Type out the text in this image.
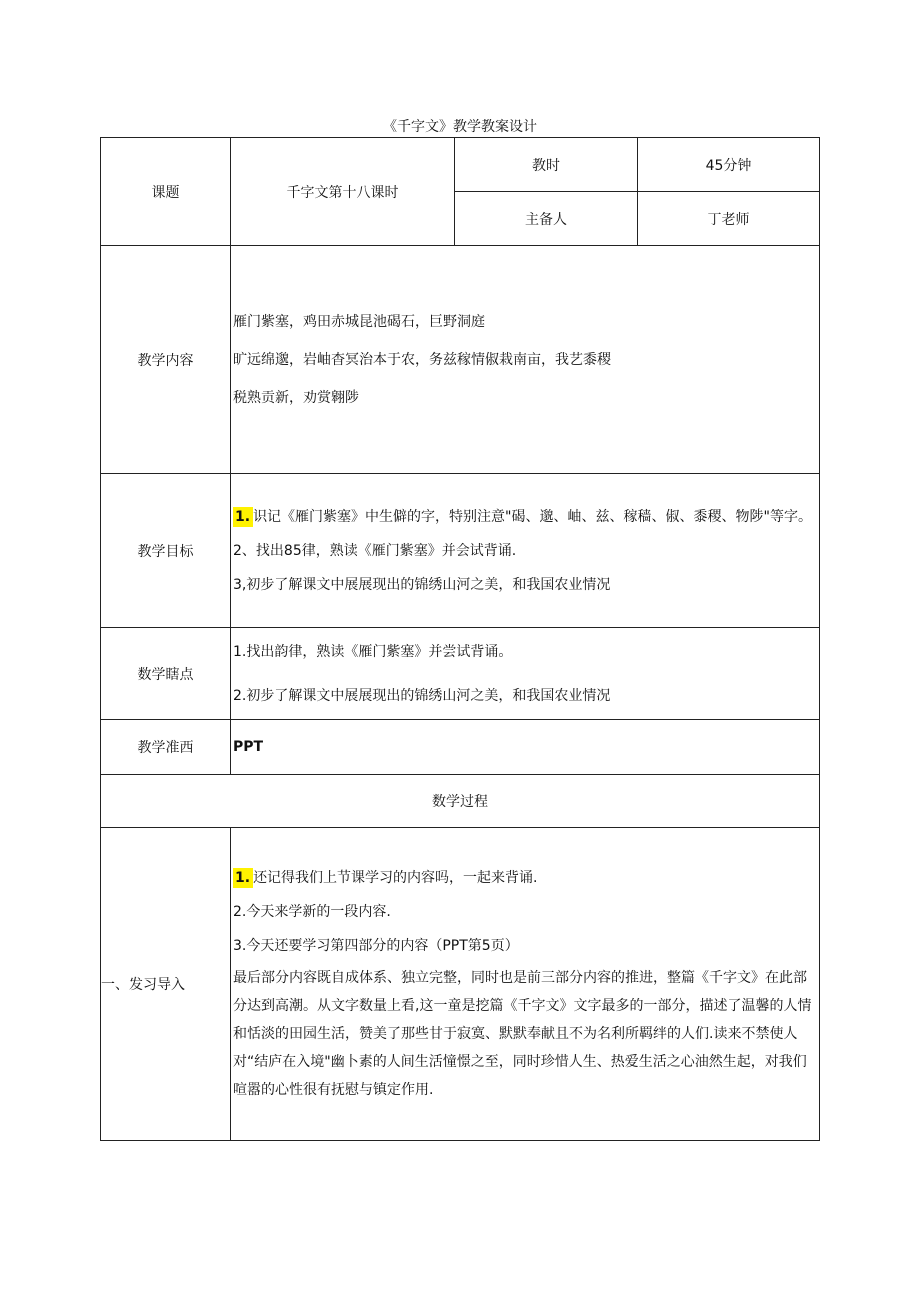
《千字文》教学教案设计
课题	千字文第十八课时	教时	45分钟
		主备人	丁老师
教学内容	雁门紫塞，鸡田赤城昆池碣石，巨野洞庭
旷远绵邈，岩岫杳冥治本于农，务兹稼情俶栽南亩，我艺黍稷
税熟贡新，劝赏翱陟		

教学目标	1. 识记《雁门紫塞》中生僻的字，特别注意"碣、邈、岫、兹、稼穑、俶、黍稷、物陟"等字。

2、找出85律，熟读《雁门紫塞》并会试背诵.

3,初步了解课文中展展现出的锦绣山河之美，和我国农业情况		

数学瞎点	1.找出韵律，熟读《雁门紫塞》并尝试背诵。

2.初步了解课文中展展现出的锦绣山河之美，和我国农业情况		

教学准西	PPT		
数学过程			
一、发习导入	1. 还记得我们上节课学习的内容吗，一起来背诵.

2.今天来学新的一段内容.

3.今天还要学习第四部分的内容（PPT第5页）

最后部分内容既自成体系、独立完整，同时也是前三部分内容的推进，整篇《千字文》在此部分达到高潮。从文字数量上看,这一童是挖篇《千字文》文字最多的一部分，描述了温馨的人情和恬淡的田园生活，赞美了那些甘于寂寞、默默奉献且不为名利所羁绊的人们.读来不禁使人对“结庐在入境"幽卜素的人间生活憧憬之至，同时珍惜人生、热爱生活之心油然生起，对我们喧嚣的心性很有抚慰与镇定作用.		
